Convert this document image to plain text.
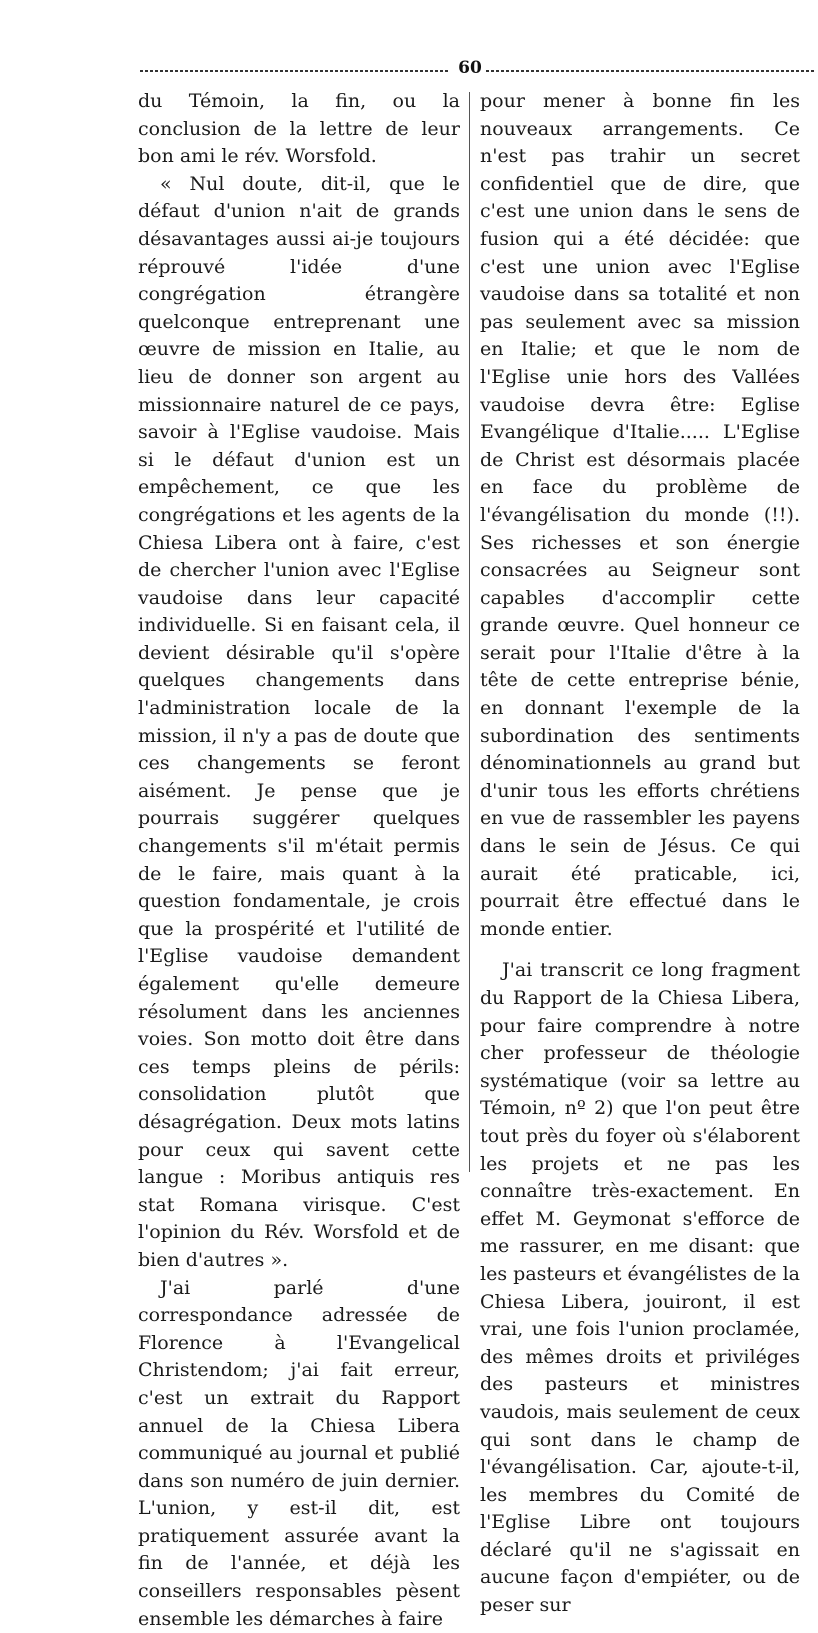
60

du Témoin, la fin, ou la conclusion de la lettre de leur bon ami le rév. Worsfold.

« Nul doute, dit-il, que le défaut d'union n'ait de grands désavantages aussi ai-je toujours réprouvé l'idée d'une congrégation étrangère quelconque entreprenant une œuvre de mission en Italie, au lieu de donner son argent au missionnaire naturel de ce pays, savoir à l'Eglise vaudoise. Mais si le défaut d'union est un empêchement, ce que les congrégations et les agents de la Chiesa Libera ont à faire, c'est de chercher l'union avec l'Eglise vaudoise dans leur capacité individuelle. Si en faisant cela, il devient désirable qu'il s'opère quelques changements dans l'administration locale de la mission, il n'y a pas de doute que ces changements se feront aisément. Je pense que je pourrais suggérer quelques changements s'il m'était permis de le faire, mais quant à la question fondamentale, je crois que la prospérité et l'utilité de l'Eglise vaudoise demandent également qu'elle demeure résolument dans les anciennes voies. Son motto doit être dans ces temps pleins de périls: consolidation plutôt que désagrégation. Deux mots latins pour ceux qui savent cette langue : Moribus antiquis res stat Romana virisque. C'est l'opinion du Rév. Worsfold et de bien d'autres ».

J'ai parlé d'une correspondance adressée de Florence à l'Evangelical Christendom; j'ai fait erreur, c'est un extrait du Rapport annuel de la Chiesa Libera communiqué au journal et publié dans son numéro de juin dernier. L'union, y est-il dit, est pratiquement assurée avant la fin de l'année, et déjà les conseillers responsables pèsent ensemble les démarches à faire

pour mener à bonne fin les nouveaux arrangements. Ce n'est pas trahir un secret confidentiel que de dire, que c'est une union dans le sens de fusion qui a été décidée: que c'est une union avec l'Eglise vaudoise dans sa totalité et non pas seulement avec sa mission en Italie; et que le nom de l'Eglise unie hors des Vallées vaudoise devra être: Eglise Evangélique d'Italie..... L'Eglise de Christ est désormais placée en face du problème de l'évangélisation du monde (!!). Ses richesses et son énergie consacrées au Seigneur sont capables d'accomplir cette grande œuvre. Quel honneur ce serait pour l'Italie d'être à la tête de cette entreprise bénie, en donnant l'exemple de la subordination des sentiments dénominationnels au grand but d'unir tous les efforts chrétiens en vue de rassembler les payens dans le sein de Jésus. Ce qui aurait été praticable, ici, pourrait être effectué dans le monde entier.

J'ai transcrit ce long fragment du Rapport de la Chiesa Libera, pour faire comprendre à notre cher professeur de théologie systématique (voir sa lettre au Témoin, nº 2) que l'on peut être tout près du foyer où s'élaborent les projets et ne pas les connaître très-exactement. En effet M. Geymonat s'efforce de me rassurer, en me disant: que les pasteurs et évangélistes de la Chiesa Libera, jouiront, il est vrai, une fois l'union proclamée, des mêmes droits et priviléges des pasteurs et ministres vaudois, mais seulement de ceux qui sont dans le champ de l'évangélisation. Car, ajoute-t-il, les membres du Comité de l'Eglise Libre ont toujours déclaré qu'il ne s'agissait en aucune façon d'empiéter, ou de peser sur
